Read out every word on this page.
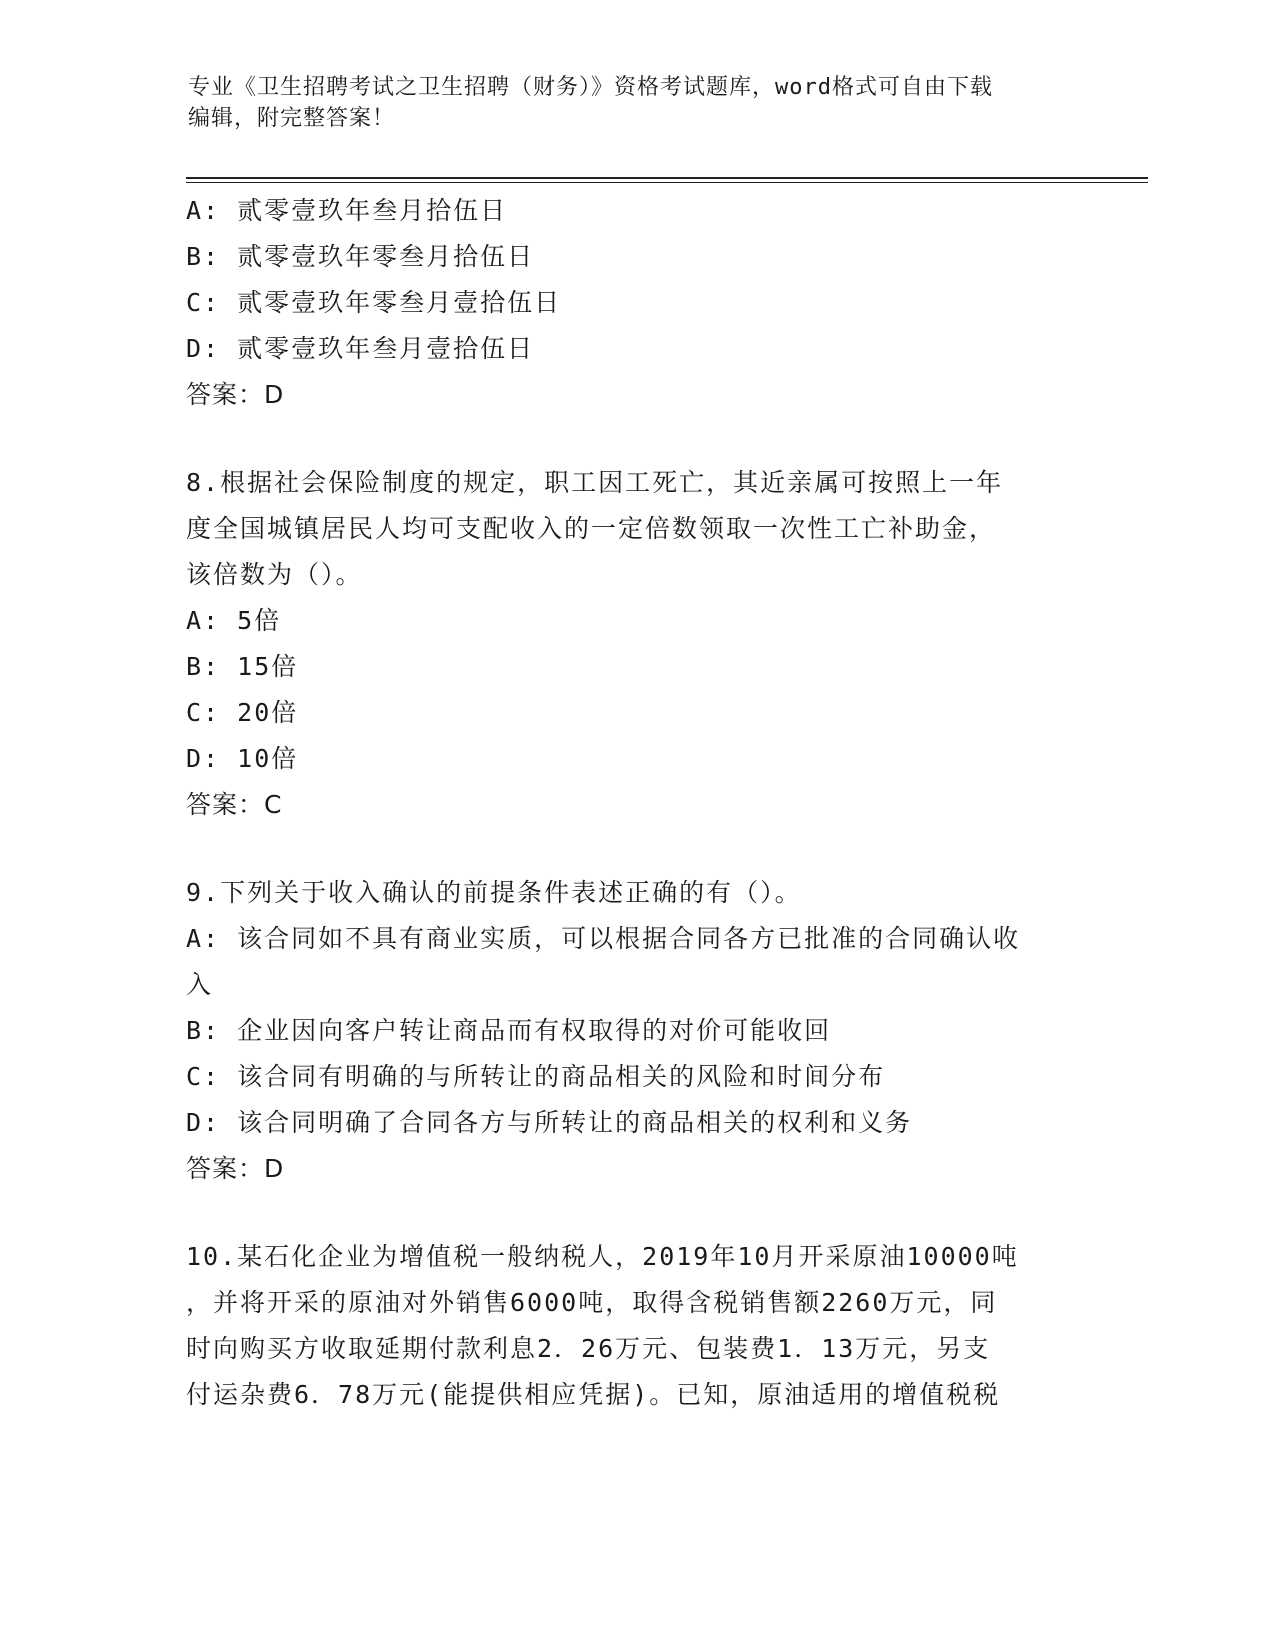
专业《卫生招聘考试之卫生招聘（财务）》资格考试题库，word格式可自由下载
编辑，附完整答案！
A: 贰零壹玖年叁月拾伍日
B: 贰零壹玖年零叁月拾伍日
C: 贰零壹玖年零叁月壹拾伍日
D: 贰零壹玖年叁月壹拾伍日
答案：D
8.根据社会保险制度的规定，职工因工死亡，其近亲属可按照上一年
度全国城镇居民人均可支配收入的一定倍数领取一次性工亡补助金，
该倍数为（）。
A: 5倍
B: 15倍
C: 20倍
D: 10倍
答案：C
9.下列关于收入确认的前提条件表述正确的有（）。
A: 该合同如不具有商业实质，可以根据合同各方已批准的合同确认收
入
B: 企业因向客户转让商品而有权取得的对价可能收回
C: 该合同有明确的与所转让的商品相关的风险和时间分布
D: 该合同明确了合同各方与所转让的商品相关的权利和义务
答案：D
10.某石化企业为增值税一般纳税人，2019年10月开采原油10000吨
，并将开采的原油对外销售6000吨，取得含税销售额2260万元，同
时向购买方收取延期付款利息2．26万元、包装费1．13万元，另支
付运杂费6．78万元(能提供相应凭据)。已知，原油适用的增值税税
